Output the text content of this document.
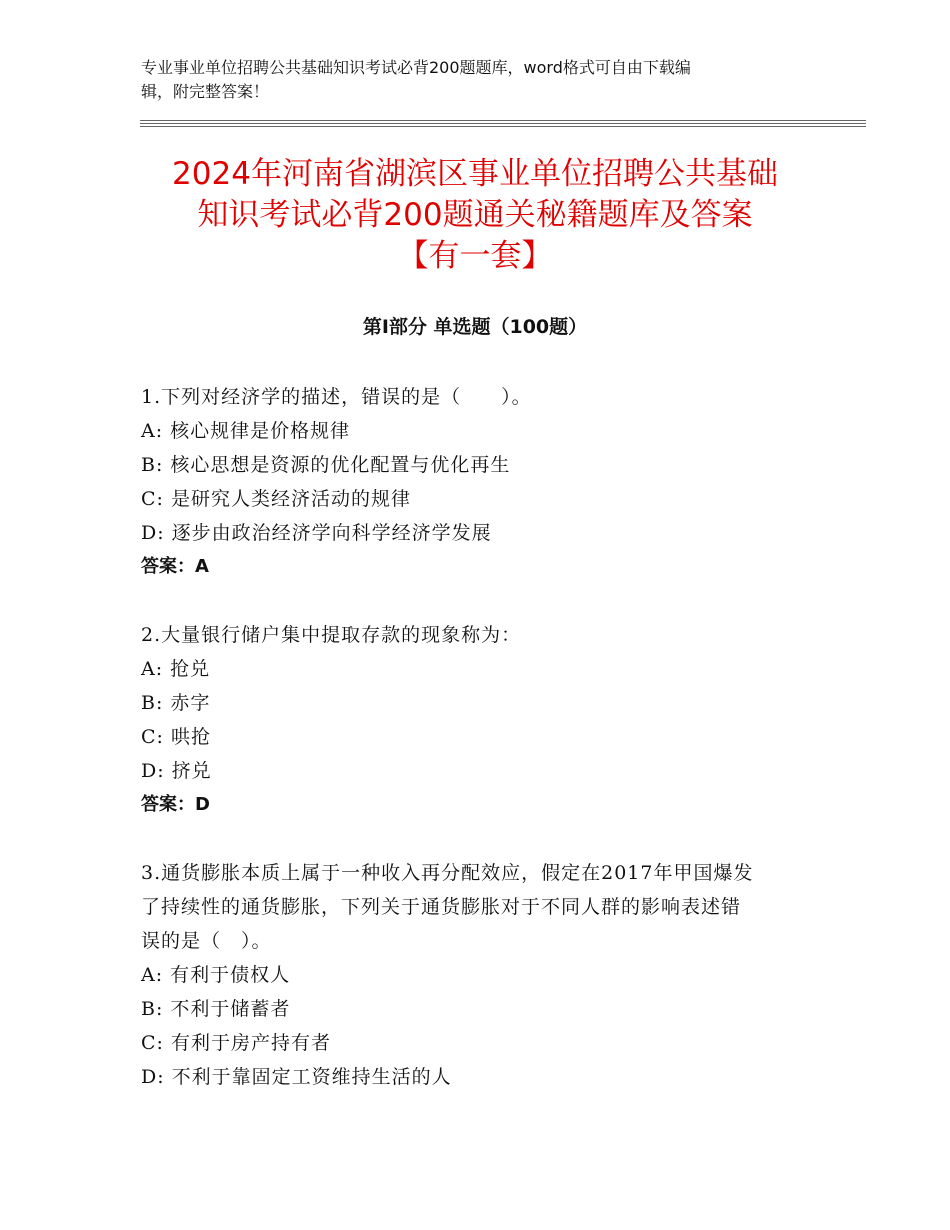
专业事业单位招聘公共基础知识考试必背200题题库，word格式可自由下载编
辑，附完整答案！
2024年河南省湖滨区事业单位招聘公共基础
知识考试必背200题通关秘籍题库及答案
【有一套】
第I部分 单选题（100题）
1.下列对经济学的描述，错误的是（　　）。
A: 核心规律是价格规律
B: 核心思想是资源的优化配置与优化再生
C: 是研究人类经济活动的规律
D: 逐步由政治经济学向科学经济学发展
答案：A
2.大量银行储户集中提取存款的现象称为：
A: 抢兑
B: 赤字
C: 哄抢
D: 挤兑
答案：D
3.通货膨胀本质上属于一种收入再分配效应，假定在2017年甲国爆发
了持续性的通货膨胀，下列关于通货膨胀对于不同人群的影响表述错
误的是（　）。
A: 有利于债权人
B: 不利于储蓄者
C: 有利于房产持有者
D: 不利于靠固定工资维持生活的人
